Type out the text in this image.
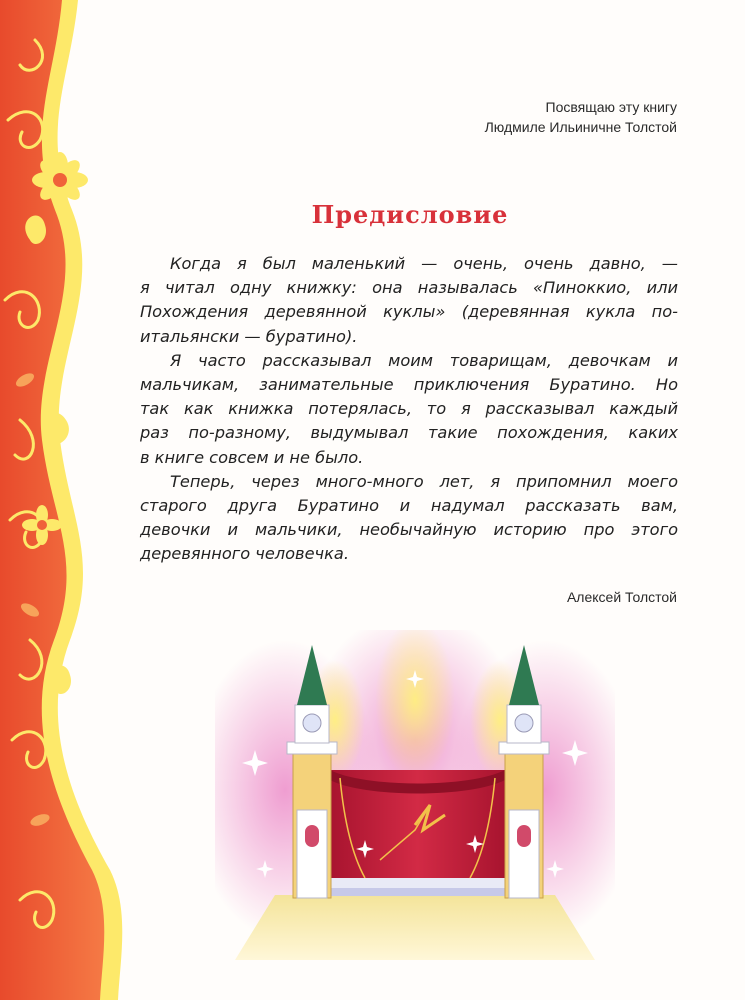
Посвящаю эту книгу
Людмиле Ильиничне Толстой
Предисловие
Когда я был маленький — очень, очень давно, —
я читал одну книжку: она называлась «Пиноккио, или
Похождения деревянной куклы» (деревянная кукла по-
итальянски — буратино).
Я часто рассказывал моим товарищам, девочкам и
мальчикам, занимательные приключения Буратино. Но
так как книжка потерялась, то я рассказывал каждый
раз по-разному, выдумывал такие похождения, каких
в книге совсем и не было.
Теперь, через много-много лет, я припомнил моего
старого друга Буратино и надумал рассказать вам,
девочки и мальчики, необычайную историю про этого
деревянного человечка.
Алексей Толстой
